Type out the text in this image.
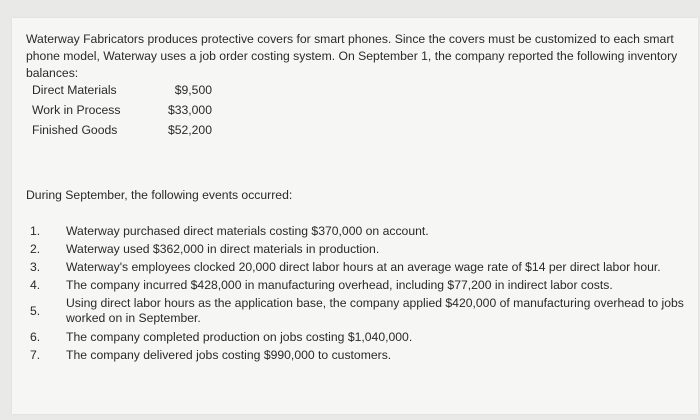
Waterway Fabricators produces protective covers for smart phones. Since the covers must be customized to each smart phone model, Waterway uses a job order costing system. On September 1, the company reported the following inventory balances:

Direct Materials	$9,500
Work in Process	$33,000
Finished Goods	$52,200

During September, the following events occurred:

1.	Waterway purchased direct materials costing $370,000 on account.
2.	Waterway used $362,000 in direct materials in production.
3.	Waterway's employees clocked 20,000 direct labor hours at an average wage rate of $14 per direct labor hour.
4.	The company incurred $428,000 in manufacturing overhead, including $77,200 in indirect labor costs.
5.
Using direct labor hours as the application base, the company applied $420,000 of manufacturing overhead to jobs worked on in September.
6.	The company completed production on jobs costing $1,040,000.
7.	The company delivered jobs costing $990,000 to customers.
